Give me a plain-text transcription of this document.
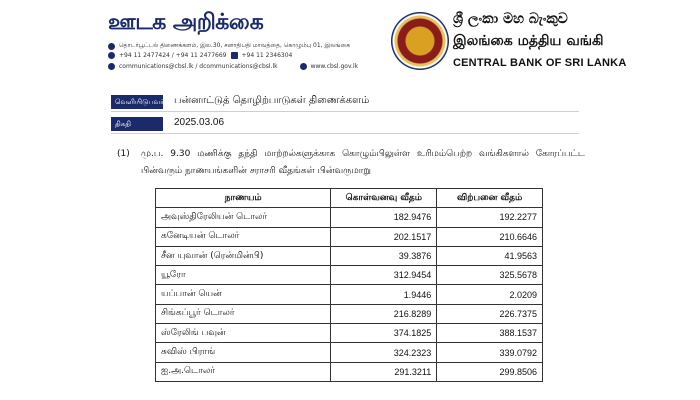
ஊடக அறிக்கை
தொடர்பூட்டல் திணைக்களம், இல.30, சனாதிபதி மாவத்தை, கொழும்பு 01, இலங்கை
+94 11 2477424 / +94 11 2477669	+94 11 2346304
communications@cbsl.lk / dcommunications@cbsl.lk	www.cbsl.gov.lk
ශ්‍රී ලංකා මහ බැංකුව
இலங்கை மத்திய வங்கி
CENTRAL BANK OF SRI LANKA
வெளியிடுபவர் பன்னாட்டுத் தொழிற்பாடுகள் திணைக்களம்
திகதி	2025.03.06
(1) மு.ப. 9.30 மணிக்கு தந்தி மாற்றல்களுக்காக கொழும்பிலுள்ள உரிமம்பெற்ற வங்கிகளால் கோரப்பட்ட பின்வரும் நாணயங்களின் சராசரி வீதங்கள் பின்வருமாறு
நாணயம்	கொள்வனவு வீதம்	விற்பனை வீதம்
அவுஸ்திரேலியன் டொலர்	182.9476	192.2277
கனேடியன் டொலர்	202.1517	210.6646
சீன யுவான் (ரென்மின்பி)	39.3876	41.9563
யூரோ	312.9454	325.5678
யப்பான் யென்	1.9446	2.0209
சிங்கப்பூர் டொலர்	216.8289	226.7375
ஸ்ரேலிங் பவுன்	374.1825	388.1537
சுவிஸ் பிராங்	324.2323	339.0792
ஐ.அ.டொலர்	291.3211	299.8506
